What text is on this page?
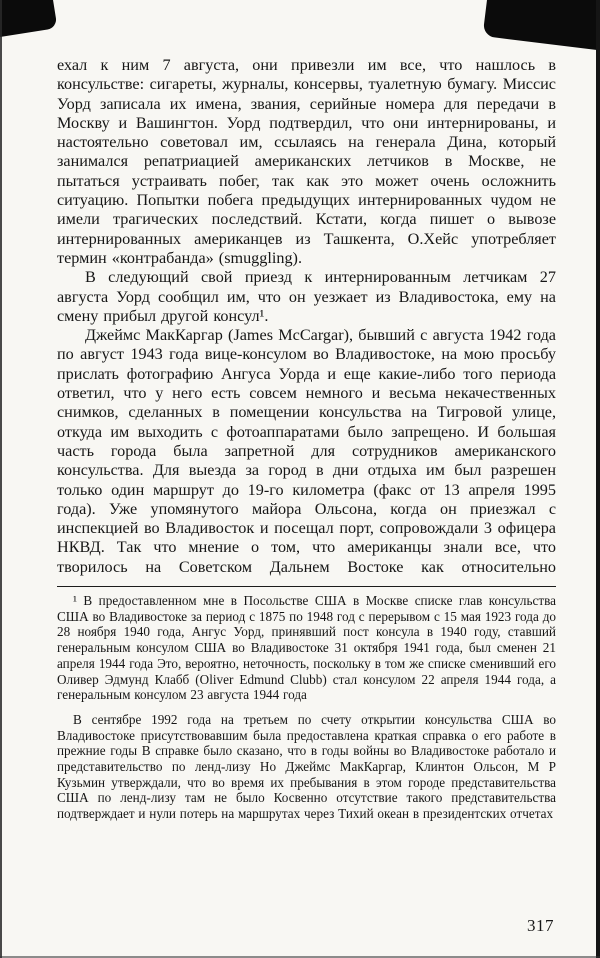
ехал к ним 7 августа, они привезли им все, что нашлось в консульстве: сигареты, журналы, консервы, туалетную бумагу. Миссис Уорд записала их имена, звания, серийные номера для передачи в Москву и Вашингтон. Уорд подтвердил, что они интернированы, и настоятельно советовал им, ссылаясь на генерала Дина, который занимался репатриацией американских летчиков в Москве, не пытаться устраивать побег, так как это может очень осложнить ситуацию. Попытки побега предыдущих интернированных чудом не имели трагических последствий. Кстати, когда пишет о вывозе интернированных американцев из Ташкента, О.Хейс употребляет термин «контрабанда» (smuggling).

В следующий свой приезд к интернированным летчикам 27 августа Уорд сообщил им, что он уезжает из Владивостока, ему на смену прибыл другой консул¹.

Джеймс МакКаргар (James McCargar), бывший с августа 1942 года по август 1943 года вице-консулом во Владивостоке, на мою просьбу прислать фотографию Ангуса Уорда и еще какие-либо того периода ответил, что у него есть совсем немного и весьма некачественных снимков, сделанных в помещении консульства на Тигровой улице, откуда им выходить с фотоаппаратами было запрещено. И большая часть города была запретной для сотрудников американского консульства. Для выезда за город в дни отдыха им был разрешен только один маршрут до 19-го километра (факс от 13 апреля 1995 года). Уже упомянутого майора Ольсона, когда он приезжал с инспекцией во Владивосток и посещал порт, сопровождали 3 офицера НКВД. Так что мнение о том, что американцы знали все, что творилось на Советском Дальнем Востоке как относительно

¹ В предоставленном мне в Посольстве США в Москве списке глав консульства США во Владивостоке за период с 1875 по 1948 год с перерывом с 15 мая 1923 года до 28 ноября 1940 года, Ангус Уорд, принявший пост консула в 1940 году, ставший генеральным консулом США во Владивостоке 31 октября 1941 года, был сменен 21 апреля 1944 года Это, вероятно, неточность, поскольку в том же списке сменивший его Оливер Эдмунд Клабб (Oliver Edmund Clubb) стал консулом 22 апреля 1944 года, а генеральным консулом 23 августа 1944 года

В сентябре 1992 года на третьем по счету открытии консульства США во Владивостоке присутствовавшим была предоставлена краткая справка о его работе в прежние годы В справке было сказано, что в годы войны во Владивостоке работало и представительство по ленд-лизу Но Джеймс МакКаргар, Клинтон Ольсон, М Р Кузьмин утверждали, что во время их пребывания в этом городе представительства США по ленд-лизу там не было Косвенно отсутствие такого представительства подтверждает и нули потерь на маршрутах через Тихий океан в президентских отчетах

317
